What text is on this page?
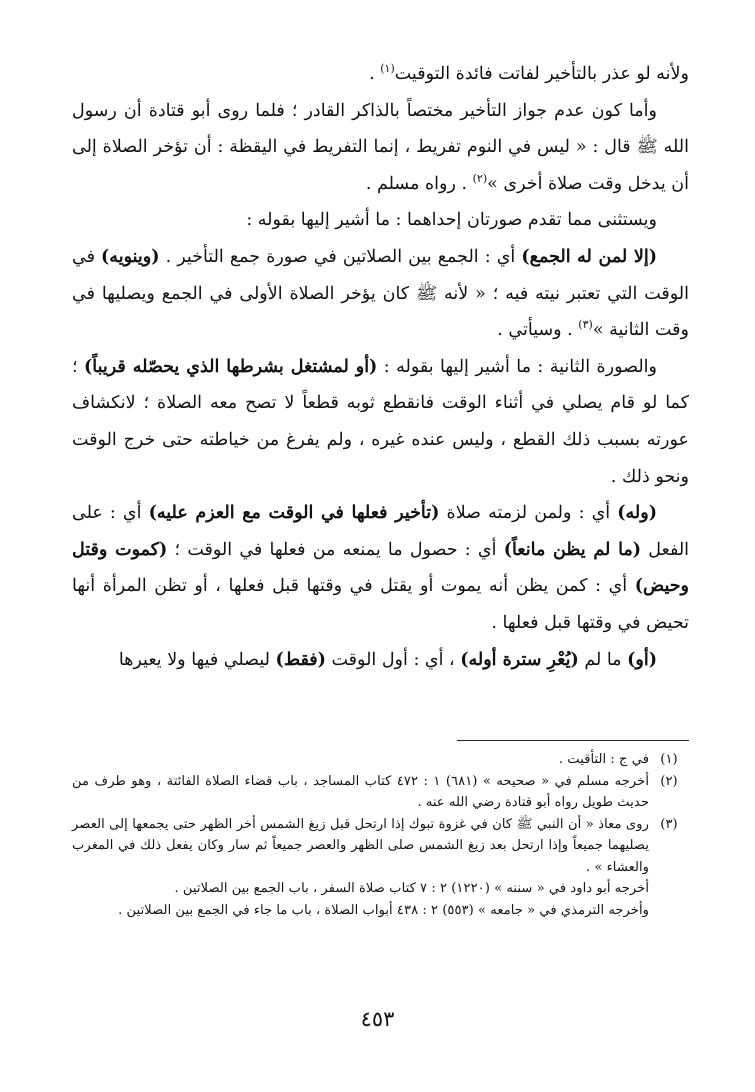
ولأنه لو عذر بالتأخير لفاتت فائدة التوقيت$^{(١)}$ .

وأما كون عدم جواز التأخير مختصاً بالذاكر القادر ؛ فلما روى أبو قتادة أن رسول الله ﷺ قال : « ليس في النوم تفريط ، إنما التفريط في اليقظة : أن تؤخر الصلاة إلى أن يدخل وقت صلاة أخرى »$^{(٢)}$ . رواه مسلم .

ويستثنى مما تقدم صورتان إحداهما : ما أشير إليها بقوله :

(إلا لمن له الجمع) أي : الجمع بين الصلاتين في صورة جمع التأخير . (وينويه) في الوقت التي تعتبر نيته فيه ؛ « لأنه ﷺ كان يؤخر الصلاة الأولى في الجمع ويصليها في وقت الثانية »$^{(٣)}$ . وسيأتي .

والصورة الثانية : ما أشير إليها بقوله : (أو لمشتغل بشرطها الذي يحصّله قريباً) ؛ كما لو قام يصلي في أثناء الوقت فانقطع ثوبه قطعاً لا تصح معه الصلاة ؛ لانكشاف عورته بسبب ذلك القطع ، وليس عنده غيره ، ولم يفرغ من خياطته حتى خرج الوقت ونحو ذلك .

(وله) أي : ولمن لزمته صلاة (تأخير فعلها في الوقت مع العزم عليه) أي : على الفعل (ما لم يظن مانعاً) أي : حصول ما يمنعه من فعلها في الوقت ؛ (كموت وقتل وحيض) أي : كمن يظن أنه يموت أو يقتل في وقتها قبل فعلها ، أو تظن المرأة أنها تحيض في وقتها قبل فعلها .

(أو) ما لم (يُعْرِ سترة أوله) ، أي : أول الوقت (فقط) ليصلي فيها ولا يعيرها

(١)
في ج : التأقيت .
(٢)
أخرجه مسلم في « صحيحه » (٦٨١) ١ : ٤٧٢ كتاب المساجد ، باب قضاء الصلاة الفائتة ، وهو طرف من حديث طويل رواه أبو قتادة رضي الله عنه .
(٣)
روى معاذ « أن النبي ﷺ كان في غزوة تبوك إذا ارتحل قبل زيغ الشمس أخر الظهر حتى يجمعها إلى العصر يصليهما جميعاً وإذا ارتحل بعد زيغ الشمس صلى الظهر والعصر جميعاً ثم سار وكان يفعل ذلك في المغرب والعشاء » .
أخرجه أبو داود في « سننه » (١٢٢٠) ٢ : ٧ كتاب صلاة السفر ، باب الجمع بين الصلاتين .
وأخرجه الترمذي في « جامعه » (٥٥٣) ٢ : ٤٣٨ أبواب الصلاة ، باب ما جاء في الجمع بين الصلاتين .
٤٥٣
